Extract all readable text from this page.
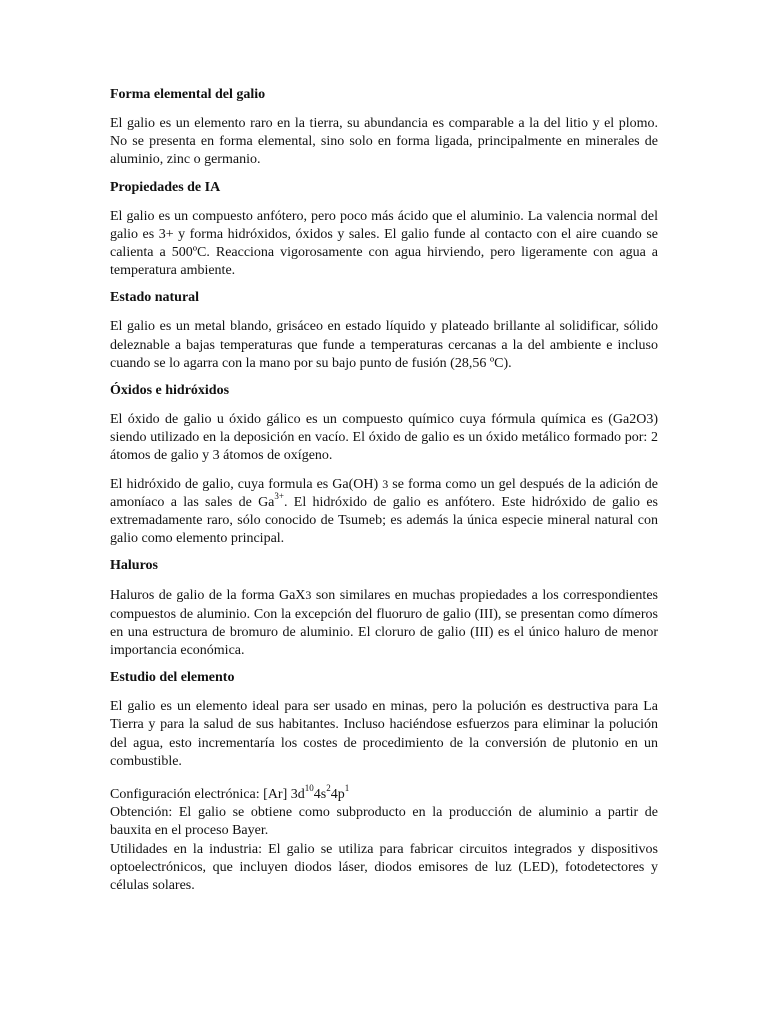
Forma elemental del galio

El galio es un elemento raro en la tierra, su abundancia es comparable a la del litio y el plomo. No se presenta en forma elemental, sino solo en forma ligada, principalmente en minerales de aluminio, zinc o germanio.

Propiedades de IA

El galio es un compuesto anfótero, pero poco más ácido que el aluminio. La valencia normal del galio es 3+ y forma hidróxidos, óxidos y sales. El galio funde al contacto con el aire cuando se calienta a 500ºC. Reacciona vigorosamente con agua hirviendo, pero ligeramente con agua a temperatura ambiente.

Estado natural

El galio es un metal blando, grisáceo en estado líquido y plateado brillante al solidificar, sólido deleznable a bajas temperaturas que funde a temperaturas cercanas a la del ambiente e incluso cuando se lo agarra con la mano por su bajo punto de fusión (28,56 ºC).

Óxidos e hidróxidos

El óxido de galio u óxido gálico es un compuesto químico cuya fórmula química es (Ga2O3) siendo utilizado en la deposición en vacío. El óxido de galio es un óxido metálico formado por: 2 átomos de galio y 3 átomos de oxígeno.

El hidróxido de galio, cuya formula es Ga(OH) 3 se forma como un gel después de la adición de amoníaco a las sales de $Ga^{3+}$. El hidróxido de galio es anfótero. Este hidróxido de galio es extremadamente raro, sólo conocido de Tsumeb; es además la única especie mineral natural con galio como elemento principal.

Haluros

Haluros de galio de la forma GaX3 son similares en muchas propiedades a los correspondientes compuestos de aluminio. Con la excepción del fluoruro de galio (III), se presentan como dímeros en una estructura de bromuro de aluminio. El cloruro de galio (III) es el único haluro de menor importancia económica.

Estudio del elemento

El galio es un elemento ideal para ser usado en minas, pero la polución es destructiva para La Tierra y para la salud de sus habitantes. Incluso haciéndose esfuerzos para eliminar la polución del agua, esto incrementaría los costes de procedimiento de la conversión de plutonio en un combustible.

Configuración electrónica: [Ar] $3d^{10}4s^24p^1$

Obtención: El galio se obtiene como subproducto en la producción de aluminio a partir de bauxita en el proceso Bayer.

Utilidades en la industria: El galio se utiliza para fabricar circuitos integrados y dispositivos optoelectrónicos, que incluyen diodos láser, diodos emisores de luz (LED), fotodetectores y células solares.
